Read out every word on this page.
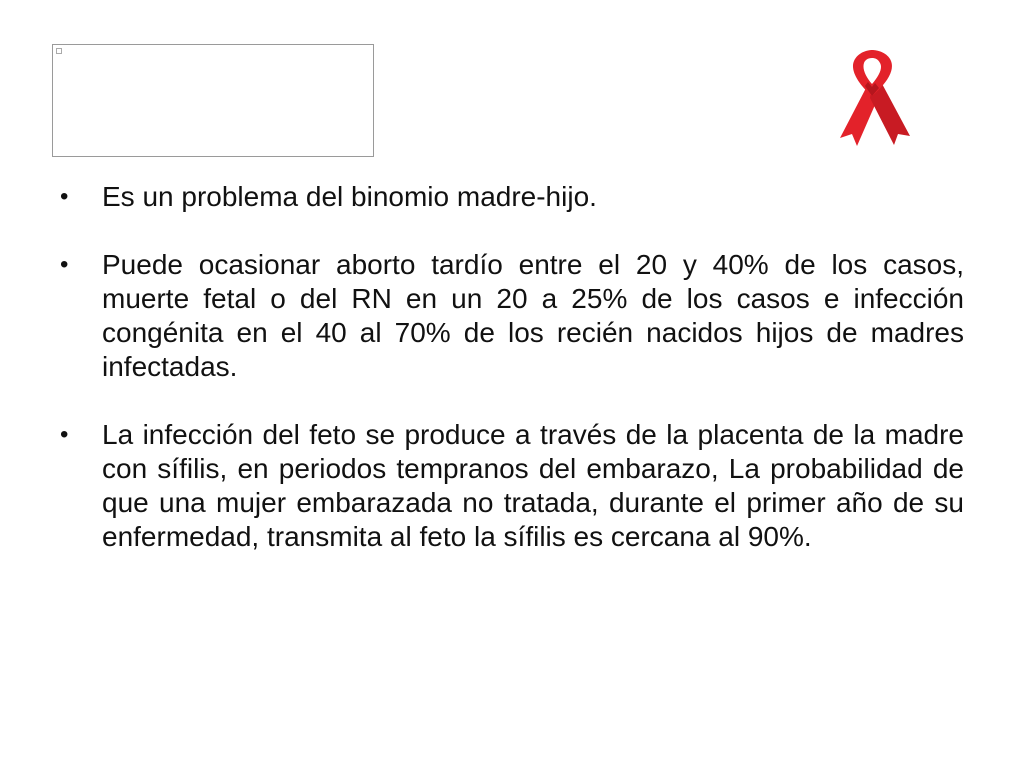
•	Es un problema del binomio madre-hijo.
•	Puede ocasionar aborto tardío entre el 20 y 40% de los casos, muerte fetal o del RN en un 20 a 25% de los casos e infección congénita en el 40 al 70% de los recién nacidos hijos de madres infectadas.
•	La infección del feto se produce a través de la placenta de la madre con sífilis, en periodos tempranos del embarazo, La probabilidad de que una mujer embarazada no tratada, durante el primer año de su enfermedad, transmita al feto la sífilis es cercana al 90%.
